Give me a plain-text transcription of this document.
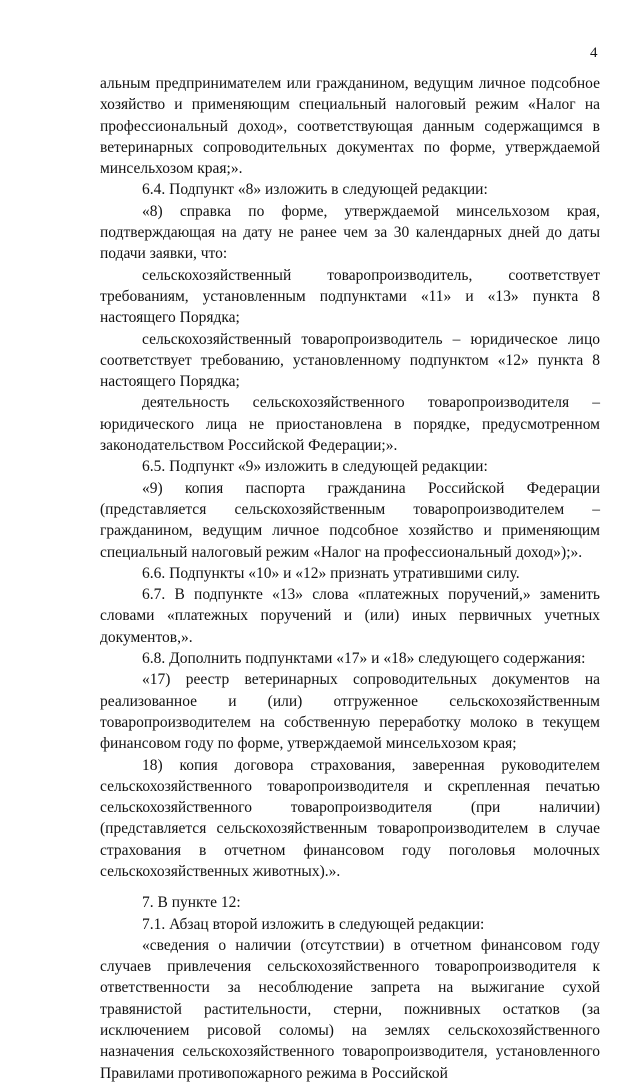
4

альным предпринимателем или гражданином, ведущим личное подсобное хозяйство и применяющим специальный налоговый режим «Налог на профессиональный доход», соответствующая данным содержащимся в ветеринарных сопроводительных документах по форме, утверждаемой минсельхозом края;».

6.4. Подпункт «8» изложить в следующей редакции:

«8) справка по форме, утверждаемой минсельхозом края, подтверждающая на дату не ранее чем за 30 календарных дней до даты подачи заявки, что:

сельскохозяйственный товаропроизводитель, соответствует требованиям, установленным подпунктами «11» и «13» пункта 8 настоящего Порядка;

сельскохозяйственный товаропроизводитель – юридическое лицо соответствует требованию, установленному подпунктом «12» пункта 8 настоящего Порядка;

деятельность сельскохозяйственного товаропроизводителя – юридического лица не приостановлена в порядке, предусмотренном законодательством Российской Федерации;».

6.5. Подпункт «9» изложить в следующей редакции:

«9) копия паспорта гражданина Российской Федерации (представляется сельскохозяйственным товаропроизводителем – гражданином, ведущим личное подсобное хозяйство и применяющим специальный налоговый режим «Налог на профессиональный доход»);».

6.6. Подпункты «10» и «12» признать утратившими силу.

6.7. В подпункте «13» слова «платежных поручений,» заменить словами «платежных поручений и (или) иных первичных учетных документов,».

6.8. Дополнить подпунктами «17» и «18» следующего содержания:

«17) реестр ветеринарных сопроводительных документов на реализованное и (или) отгруженное сельскохозяйственным товаропроизводителем на собственную переработку молоко в текущем финансовом году по форме, утверждаемой минсельхозом края;

18) копия договора страхования, заверенная руководителем сельскохозяйственного товаропроизводителя и скрепленная печатью сельскохозяйственного товаропроизводителя (при наличии) (представляется сельскохозяйственным товаропроизводителем в случае страхования в отчетном финансовом году поголовья молочных сельскохозяйственных животных).».

7. В пункте 12:

7.1. Абзац второй изложить в следующей редакции:

«сведения о наличии (отсутствии) в отчетном финансовом году случаев привлечения сельскохозяйственного товаропроизводителя к ответственности за несоблюдение запрета на выжигание сухой травянистой растительности, стерни, пожнивных остатков (за исключением рисовой соломы) на землях сельскохозяйственного назначения сельскохозяйственного товаропроизводителя, установленного Правилами противопожарного режима в Российской
